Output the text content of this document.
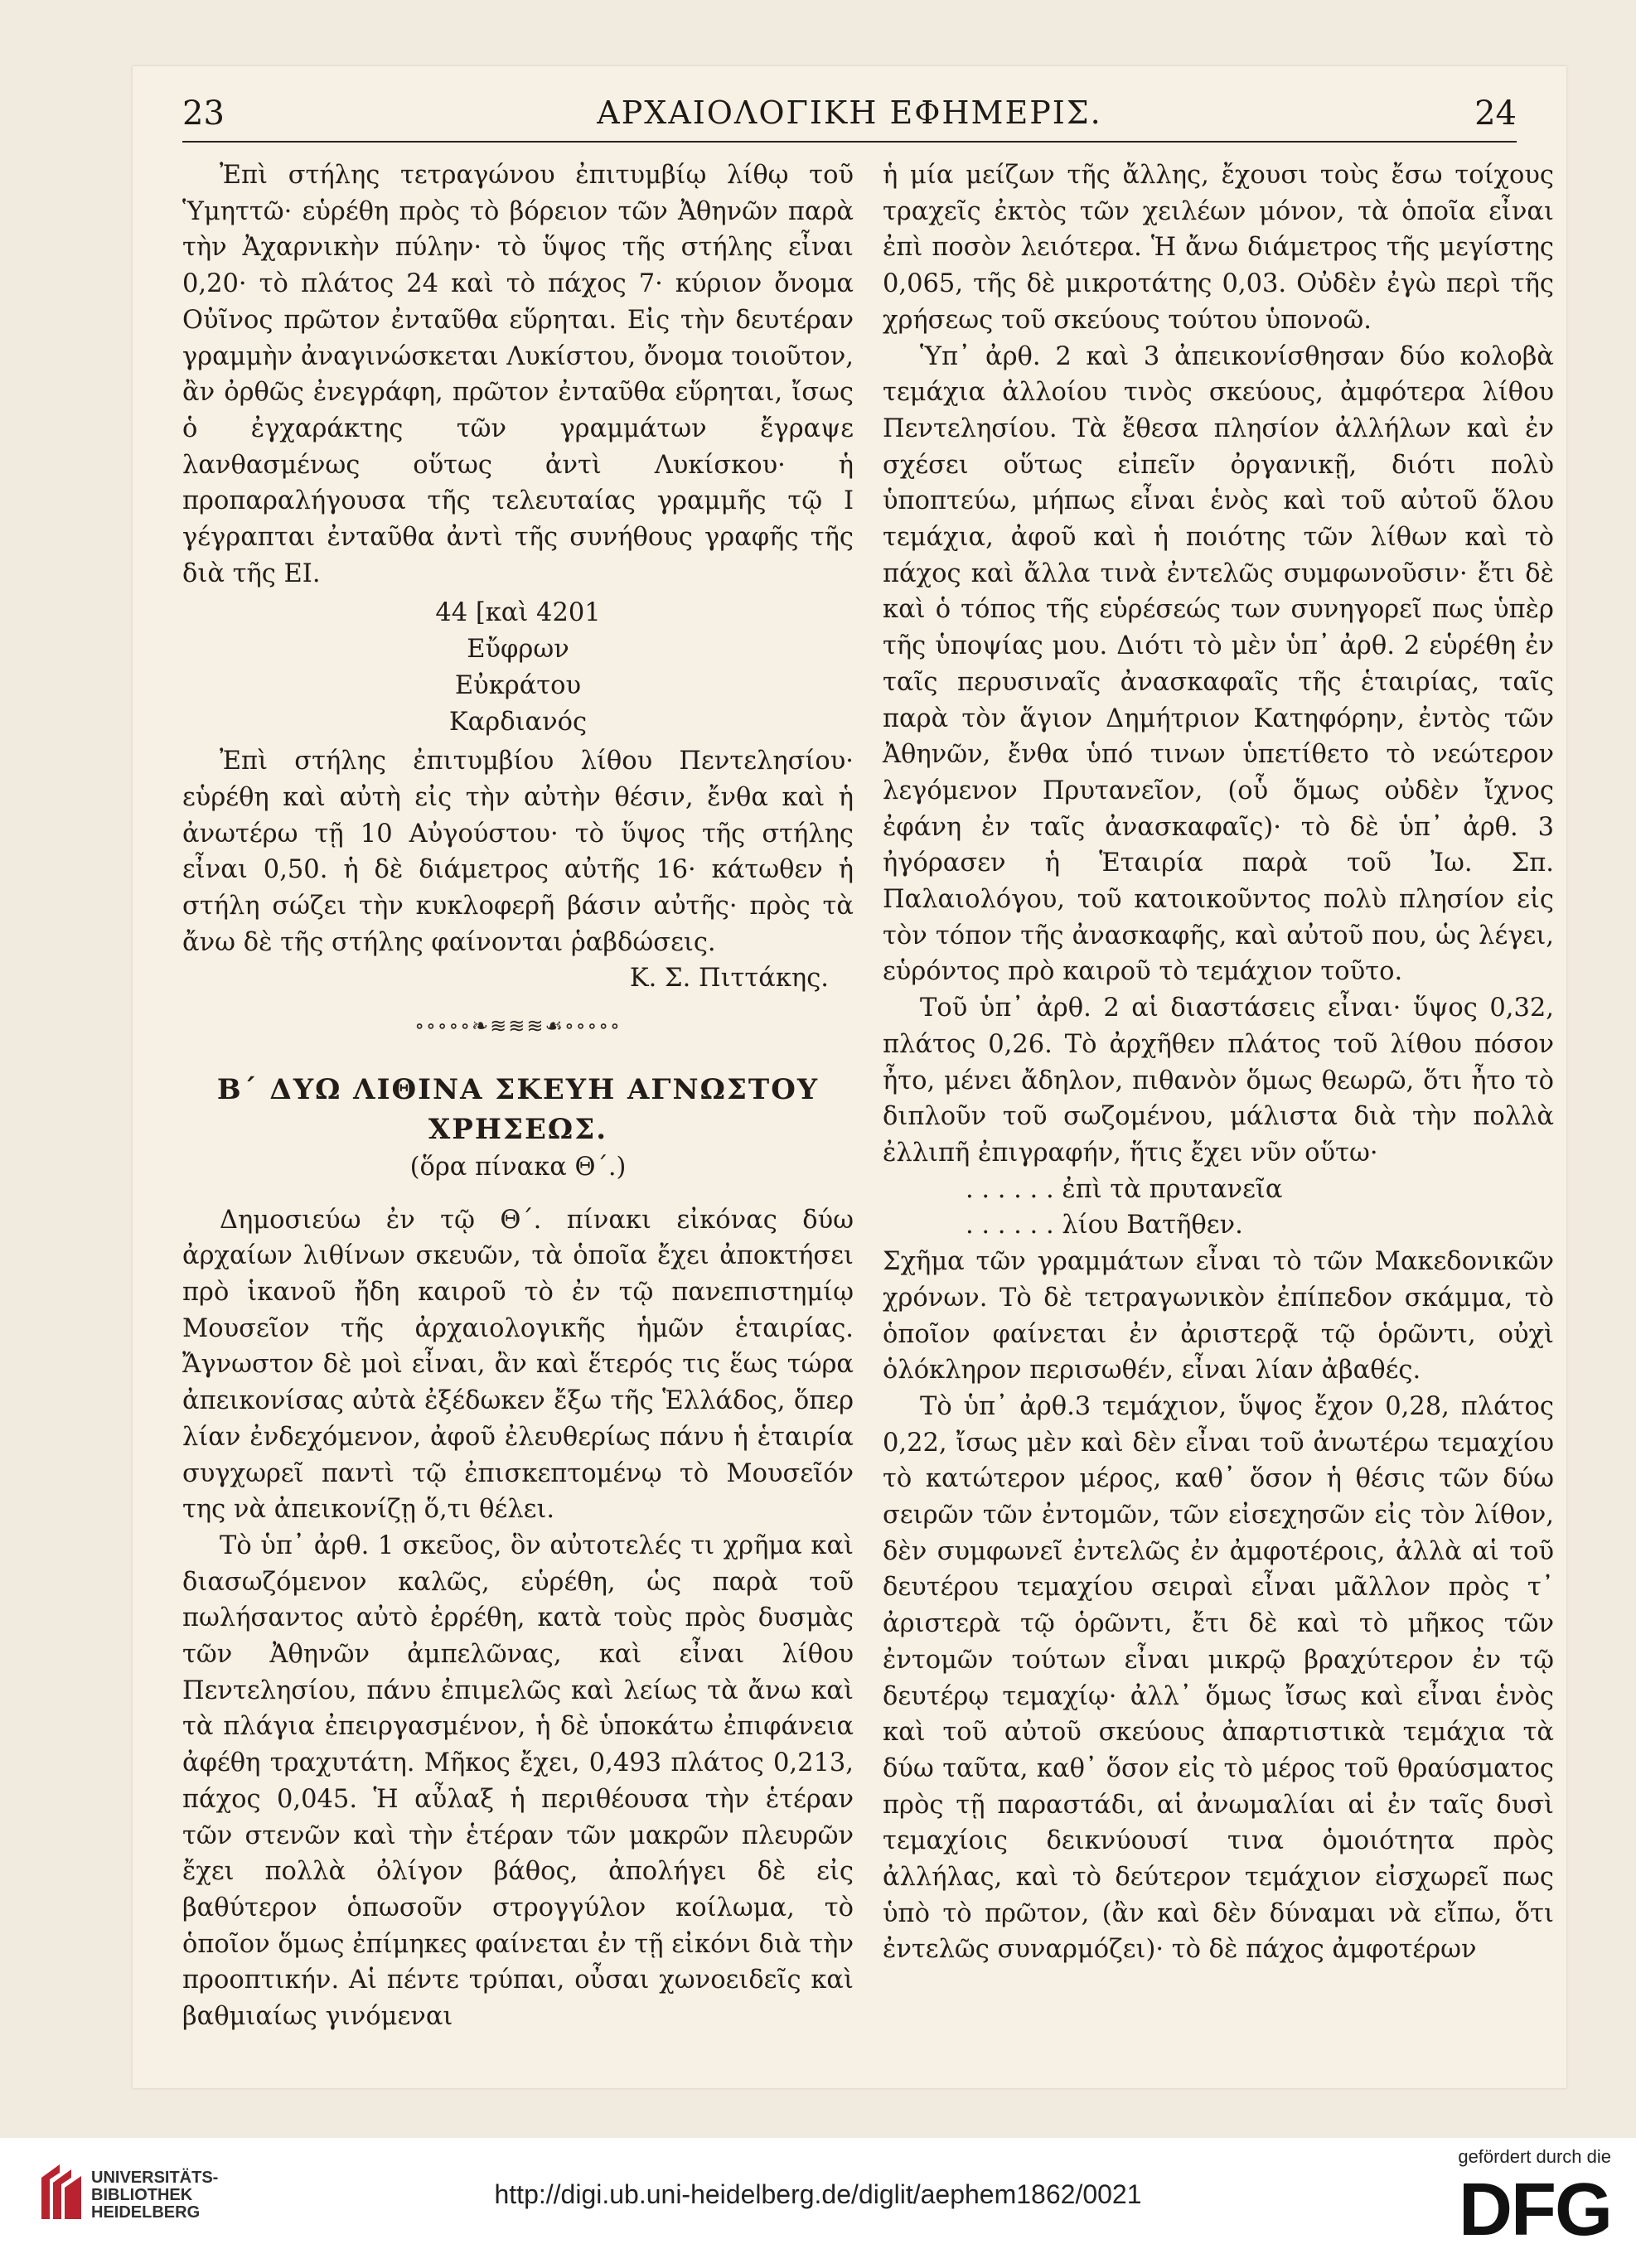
23	ΑΡΧΑΙΟΛΟΓΙΚΗ ΕΦΗΜΕΡΙΣ.	24

Ἐπὶ στήλης τετραγώνου ἐπιτυμβίῳ λίθῳ τοῦ Ὑμηττῶ· εὑρέθη πρὸς τὸ βόρειον τῶν Ἀθηνῶν παρὰ τὴν Ἀχαρνικὴν πύλην· τὸ ὕψος τῆς στήλης εἶναι 0,20· τὸ πλάτος 24 καὶ τὸ πάχος 7· κύριον ὄνομα Οὐῖνος πρῶτον ἐνταῦθα εὕρηται. Εἰς τὴν δευτέραν γραμμὴν ἀναγινώσκεται Λυκίστου, ὄνομα τοιοῦτον, ἂν ὀρθῶς ἐνεγράφη, πρῶτον ἐνταῦθα εὕρηται, ἴσως ὁ ἐγχαράκτης τῶν γραμμάτων ἔγραψε λανθασμένως οὕτως ἀντὶ Λυκίσκου· ἡ προπαραλήγουσα τῆς τελευταίας γραμμῆς τῷ I γέγραπται ἐνταῦθα ἀντὶ τῆς συνήθους γραφῆς τῆς διὰ τῆς EI.

44 [καὶ 4201
Εὔφρων
Εὐκράτου
Καρδιανός

Ἐπὶ στήλης ἐπιτυμβίου λίθου Πεντελησίου· εὑρέθη καὶ αὐτὴ εἰς τὴν αὐτὴν θέσιν, ἔνθα καὶ ἡ ἀνωτέρω τῇ 10 Αὐγούστου· τὸ ὕψος τῆς στήλης εἶναι 0,50. ἡ δὲ διάμετρος αὐτῆς 16· κάτωθεν ἡ στήλη σώζει τὴν κυκλοφερῆ βάσιν αὐτῆς· πρὸς τὰ ἄνω δὲ τῆς στήλης φαίνονται ῥαβδώσεις.

Κ. Σ. Πιττάκης.

∘∘∘∘∘❧≋≋≋☙∘∘∘∘∘
Β΄ ΔΥΩ ΛΙΘΙΝΑ ΣΚΕΥΗ ΑΓΝΩΣΤΟΥ
ΧΡΗΣΕΩΣ.
(ὅρα πίνακα Θ΄.)

Δημοσιεύω ἐν τῷ Θ΄. πίνακι εἰκόνας δύω ἀρχαίων λιθίνων σκευῶν, τὰ ὁποῖα ἔχει ἀποκτήσει πρὸ ἱκανοῦ ἤδη καιροῦ τὸ ἐν τῷ πανεπιστημίῳ Μουσεῖον τῆς ἀρχαιολογικῆς ἡμῶν ἑταιρίας. Ἄγνωστον δὲ μοὶ εἶναι, ἂν καὶ ἕτερός τις ἕως τώρα ἀπεικονίσας αὐτὰ ἐξέδωκεν ἔξω τῆς Ἑλλάδος, ὅπερ λίαν ἐνδεχόμενον, ἀφοῦ ἐλευθερίως πάνυ ἡ ἑταιρία συγχωρεῖ παντὶ τῷ ἐπισκεπτομένῳ τὸ Μουσεῖόν της νὰ ἀπεικονίζῃ ὅ,τι θέλει.

Τὸ ὑπ᾿ ἀρθ. 1 σκεῦος, ὃν αὐτοτελές τι χρῆμα καὶ διασωζόμενον καλῶς, εὑρέθη, ὡς παρὰ τοῦ πωλήσαντος αὐτὸ ἐρρέθη, κατὰ τοὺς πρὸς δυσμὰς τῶν Ἀθηνῶν ἀμπελῶνας, καὶ εἶναι λίθου Πεντελησίου, πάνυ ἐπιμελῶς καὶ λείως τὰ ἄνω καὶ τὰ πλάγια ἐπειργασμένον, ἡ δὲ ὑποκάτω ἐπιφάνεια ἀφέθη τραχυτάτη. Μῆκος ἔχει, 0,493 πλάτος 0,213, πάχος 0,045. Ἡ αὖλαξ ἡ περιθέουσα τὴν ἑτέραν τῶν στενῶν καὶ τὴν ἑτέραν τῶν μακρῶν πλευρῶν ἔχει πολλὰ ὀλίγον βάθος, ἀπολήγει δὲ εἰς βαθύτερον ὁπωσοῦν στρογγύλον κοίλωμα, τὸ ὁποῖον ὅμως ἐπίμηκες φαίνεται ἐν τῇ εἰκόνι διὰ τὴν προοπτικήν. Αἱ πέντε τρύπαι, οὖσαι χωνοειδεῖς καὶ βαθμιαίως γινόμεναι

ἡ μία μείζων τῆς ἄλλης, ἔχουσι τοὺς ἔσω τοίχους τραχεῖς ἐκτὸς τῶν χειλέων μόνον, τὰ ὁποῖα εἶναι ἐπὶ ποσὸν λειότερα. Ἡ ἄνω διάμετρος τῆς μεγίστης 0,065, τῆς δὲ μικροτάτης 0,03. Οὐδὲν ἐγὼ περὶ τῆς χρήσεως τοῦ σκεύους τούτου ὑπονοῶ.

Ὑπ᾿ ἀρθ. 2 καὶ 3 ἀπεικονίσθησαν δύο κολοβὰ τεμάχια ἀλλοίου τινὸς σκεύους, ἀμφότερα λίθου Πεντελησίου. Τὰ ἔθεσα πλησίον ἀλλήλων καὶ ἐν σχέσει οὕτως εἰπεῖν ὀργανικῇ, διότι πολὺ ὑποπτεύω, μήπως εἶναι ἑνὸς καὶ τοῦ αὐτοῦ ὅλου τεμάχια, ἀφοῦ καὶ ἡ ποιότης τῶν λίθων καὶ τὸ πάχος καὶ ἄλλα τινὰ ἐντελῶς συμφωνοῦσιν· ἔτι δὲ καὶ ὁ τόπος τῆς εὑρέσεώς των συνηγορεῖ πως ὑπὲρ τῆς ὑποψίας μου. Διότι τὸ μὲν ὑπ᾿ ἀρθ. 2 εὑρέθη ἐν ταῖς περυσιναῖς ἀνασκαφαῖς τῆς ἑταιρίας, ταῖς παρὰ τὸν ἅγιον Δημήτριον Κατηφόρην, ἐντὸς τῶν Ἀθηνῶν, ἔνθα ὑπό τινων ὑπετίθετο τὸ νεώτερον λεγόμενον Πρυτανεῖον, (οὗ ὅμως οὐδὲν ἴχνος ἐφάνη ἐν ταῖς ἀνασκαφαῖς)· τὸ δὲ ὑπ᾿ ἀρθ. 3 ἠγόρασεν ἡ Ἑταιρία παρὰ τοῦ Ἰω. Σπ. Παλαιολόγου, τοῦ κατοικοῦντος πολὺ πλησίον εἰς τὸν τόπον τῆς ἀνασκαφῆς, καὶ αὐτοῦ που, ὡς λέγει, εὑρόντος πρὸ καιροῦ τὸ τεμάχιον τοῦτο.

Τοῦ ὑπ᾿ ἀρθ. 2 αἱ διαστάσεις εἶναι· ὕψος 0,32, πλάτος 0,26. Τὸ ἀρχῆθεν πλάτος τοῦ λίθου πόσον ἦτο, μένει ἄδηλον, πιθανὸν ὅμως θεωρῶ, ὅτι ἦτο τὸ διπλοῦν τοῦ σωζομένου, μάλιστα διὰ τὴν πολλὰ ἐλλιπῆ ἐπιγραφήν, ἥτις ἔχει νῦν οὕτω·

. . . . . . ἐπὶ τὰ πρυτανεῖα
. . . . . . λίου Βατῆθεν.

Σχῆμα τῶν γραμμάτων εἶναι τὸ τῶν Μακεδονικῶν χρόνων. Τὸ δὲ τετραγωνικὸν ἐπίπεδον σκάμμα, τὸ ὁποῖον φαίνεται ἐν ἀριστερᾷ τῷ ὁρῶντι, οὐχὶ ὁλόκληρον περισωθέν, εἶναι λίαν ἀβαθές.

Τὸ ὑπ᾿ ἀρθ.3 τεμάχιον, ὕψος ἔχον 0,28, πλάτος 0,22, ἴσως μὲν καὶ δὲν εἶναι τοῦ ἀνωτέρω τεμαχίου τὸ κατώτερον μέρος, καθ᾿ ὅσον ἡ θέσις τῶν δύω σειρῶν τῶν ἐντομῶν, τῶν εἰσεχησῶν εἰς τὸν λίθον, δὲν συμφωνεῖ ἐντελῶς ἐν ἀμφοτέροις, ἀλλὰ αἱ τοῦ δευτέρου τεμαχίου σειραὶ εἶναι μᾶλλον πρὸς τ᾿ ἀριστερὰ τῷ ὁρῶντι, ἔτι δὲ καὶ τὸ μῆκος τῶν ἐντομῶν τούτων εἶναι μικρῷ βραχύτερον ἐν τῷ δευτέρῳ τεμαχίῳ· ἀλλ᾿ ὅμως ἴσως καὶ εἶναι ἑνὸς καὶ τοῦ αὐτοῦ σκεύους ἀπαρτιστικὰ τεμάχια τὰ δύω ταῦτα, καθ᾿ ὅσον εἰς τὸ μέρος τοῦ θραύσματος πρὸς τῇ παραστάδι, αἱ ἀνωμαλίαι αἱ ἐν ταῖς δυσὶ τεμαχίοις δεικνύουσί τινα ὁμοιότητα πρὸς ἀλλήλας, καὶ τὸ δεύτερον τεμάχιον εἰσχωρεῖ πως ὑπὸ τὸ πρῶτον, (ἂν καὶ δὲν δύναμαι νὰ εἴπω, ὅτι ἐντελῶς συναρμόζει)· τὸ δὲ πάχος ἀμφοτέρων

UNIVERSITÄTS-
BIBLIOTHEK
HEIDELBERG
http://digi.ub.uni-heidelberg.de/diglit/aephem1862/0021
gefördert durch die
DFG
